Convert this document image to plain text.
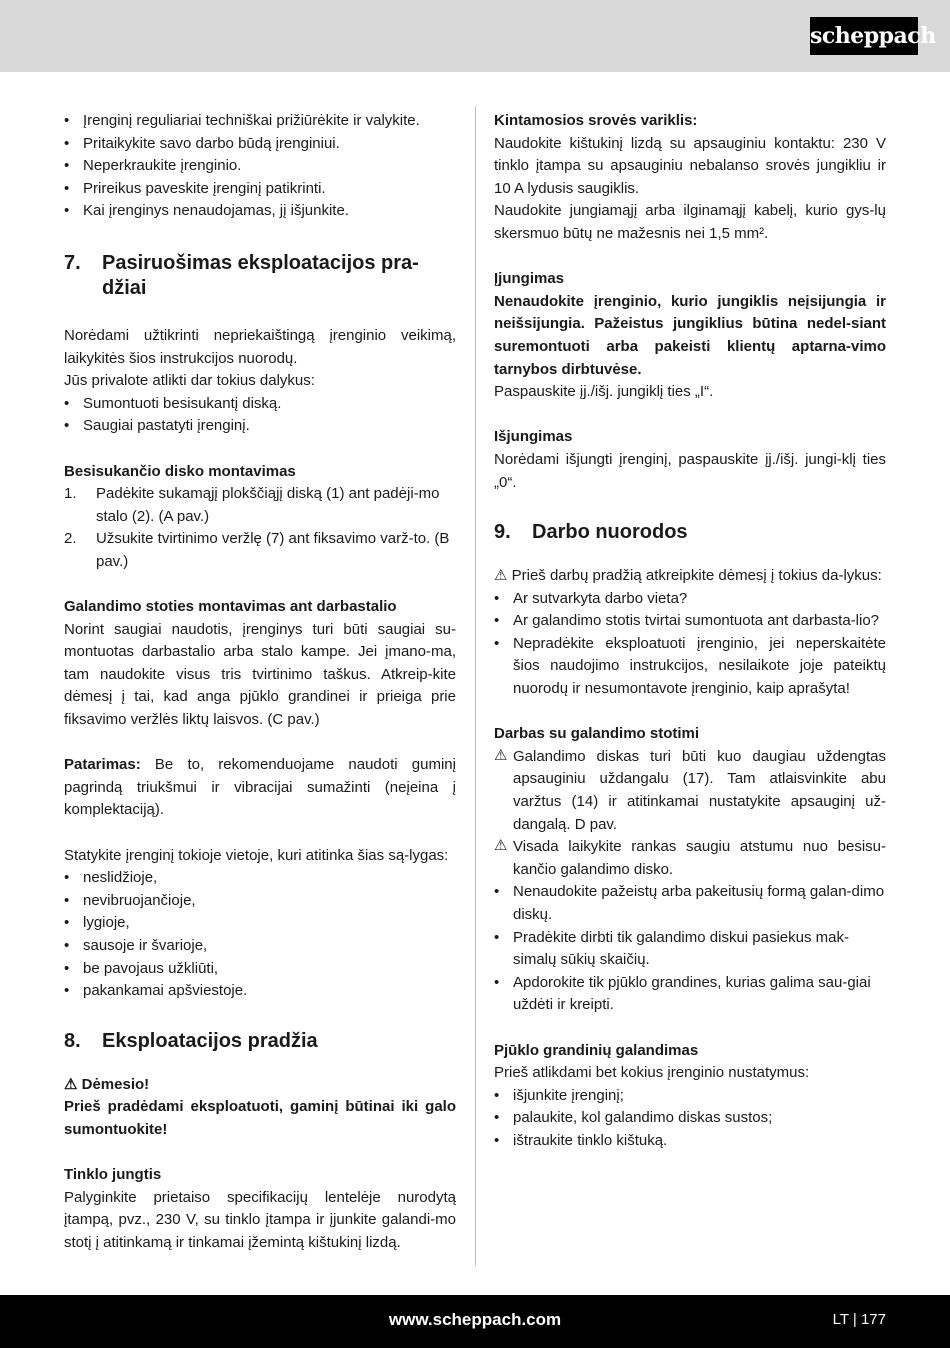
scheppach
• Įrenginį reguliariai techniškai prižiūrėkite ir valykite.
• Pritaikykite savo darbo būdą įrenginiui.
• Neperkraukite įrenginio.
• Prireikus paveskite įrenginį patikrinti.
• Kai įrenginys nenaudojamas, jį išjunkite.
7.	Pasiruošimas eksploatacijos pra-džiai

Norėdami užtikrinti nepriekaištingą įrenginio veikimą, laikykitės šios instrukcijos nuorodų.

Jūs privalote atlikti dar tokius dalykus:

• Sumontuoti besisukantį diską.
• Saugiai pastatyti įrenginį.

Besisukančio disko montavimas

1. Padėkite sukamąjį plokščiąjį diską (1) ant padėji-mo stalo (2). (A pav.)
2. Užsukite tvirtinimo veržlę (7) ant fiksavimo varž-to. (B pav.)

Galandimo stoties montavimas ant darbastalio

Norint saugiai naudotis, įrenginys turi būti saugiai su-montuotas darbastalio arba stalo kampe. Jei įmano-ma, tam naudokite visus tris tvirtinimo taškus. Atkreip-kite dėmesį į tai, kad anga pjūklo grandinei ir prieiga prie fiksavimo veržlės liktų laisvos. (C pav.)

Patarimas: Be to, rekomenduojame naudoti guminį pagrindą triukšmui ir vibracijai sumažinti (neįeina į komplektaciją).

Statykite įrenginį tokioje vietoje, kuri atitinka šias są-lygas:

• neslidžioje,
• nevibruojančioje,
• lygioje,
• sausoje ir švarioje,
• be pavojaus užkliūti,
• pakankamai apšviestoje.
8.	Eksploatacijos pradžia

⚠ Dėmesio!

Prieš pradėdami eksploatuoti, gaminį būtinai iki galo sumontuokite!

Tinklo jungtis

Palyginkite prietaiso specifikacijų lentelėje nurodytą įtampą, pvz., 230 V, su tinklo įtampa ir įjunkite galandi-mo stotį į atitinkamą ir tinkamai įžemintą kištukinį lizdą.

Kintamosios srovės variklis:

Naudokite kištukinį lizdą su apsauginiu kontaktu: 230 V tinklo įtampa su apsauginiu nebalanso srovės jungikliu ir 10 A lydusis saugiklis.

Naudokite jungiamąjį arba ilginamąjį kabelį, kurio gys-lų skersmuo būtų ne mažesnis nei 1,5 mm².

Įjungimas

Nenaudokite įrenginio, kurio jungiklis neįsijungia ir neišsijungia. Pažeistus jungiklius būtina nedel-siant suremontuoti arba pakeisti klientų aptarna-vimo tarnybos dirbtuvėse.

Paspauskite įj./išj. jungiklį ties „I“.

Išjungimas

Norėdami išjungti įrenginį, paspauskite įj./išj. jungi-klį ties „0“.

9.	Darbo nuorodos

⚠ Prieš darbų pradžią atkreipkite dėmesį į tokius da-lykus:

• Ar sutvarkyta darbo vieta?
• Ar galandimo stotis tvirtai sumontuota ant darbasta-lio?
• Nepradėkite eksploatuoti įrenginio, jei neperskaitėte šios naudojimo instrukcijos, nesilaikote joje pateiktų nuorodų ir nesumontavote įrenginio, kaip aprašyta!

Darbas su galandimo stotimi

⚠ Galandimo diskas turi būti kuo daugiau uždengtas apsauginiu uždangalu (17). Tam atlaisvinkite abu varžtus (14) ir atitinkamai nustatykite apsauginį už-dangalą. D pav.

⚠ Visada laikykite rankas saugiu atstumu nuo besisu-kančio galandimo disko.

• Nenaudokite pažeistų arba pakeitusių formą galan-dimo diskų.
• Pradėkite dirbti tik galandimo diskui pasiekus mak-simalų sūkių skaičių.
• Apdorokite tik pjūklo grandines, kurias galima sau-giai uždėti ir kreipti.

Pjūklo grandinių galandimas

Prieš atlikdami bet kokius įrenginio nustatymus:

• išjunkite įrenginį;
• palaukite, kol galandimo diskas sustos;
• ištraukite tinklo kištuką.
www.scheppach.com	LT | 177
